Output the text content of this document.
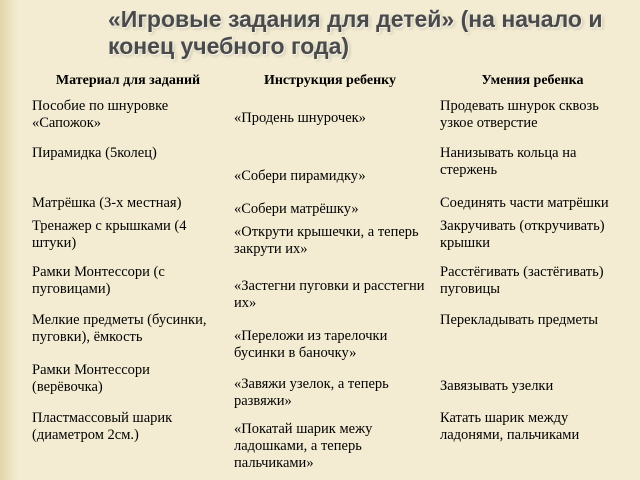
«Игровые задания для детей» (на начало и конец учебного года)
Материал для заданий	Инструкция ребенку	Умения ребенка
Пособие по шнуровке «Сапожок»	«Продень шнурочек»	Продевать шнурок сквозь узкое отверстие
Пирамидка (5колец)	«Собери пирамидку»	Нанизывать кольца на стержень
Матрёшка (3-х местная)	«Собери матрёшку»	Соединять части матрёшки
Тренажер с крышками (4 штуки)	«Открути крышечки, а теперь закрути их»	Закручивать (откручивать) крышки
Рамки Монтессори (с пуговицами)	«Застегни пуговки и расстегни их»	Расстёгивать (застёгивать) пуговицы
Мелкие предметы (бусинки, пуговки), ёмкость	«Переложи из тарелочки бусинки в баночку»	Перекладывать предметы
Рамки Монтессори (верёвочка)	«Завяжи узелок, а теперь развяжи»	Завязывать узелки
Пластмассовый шарик (диаметром 2см.)	«Покатай шарик межу ладошками, а теперь пальчиками»	Катать шарик между ладонями, пальчиками
